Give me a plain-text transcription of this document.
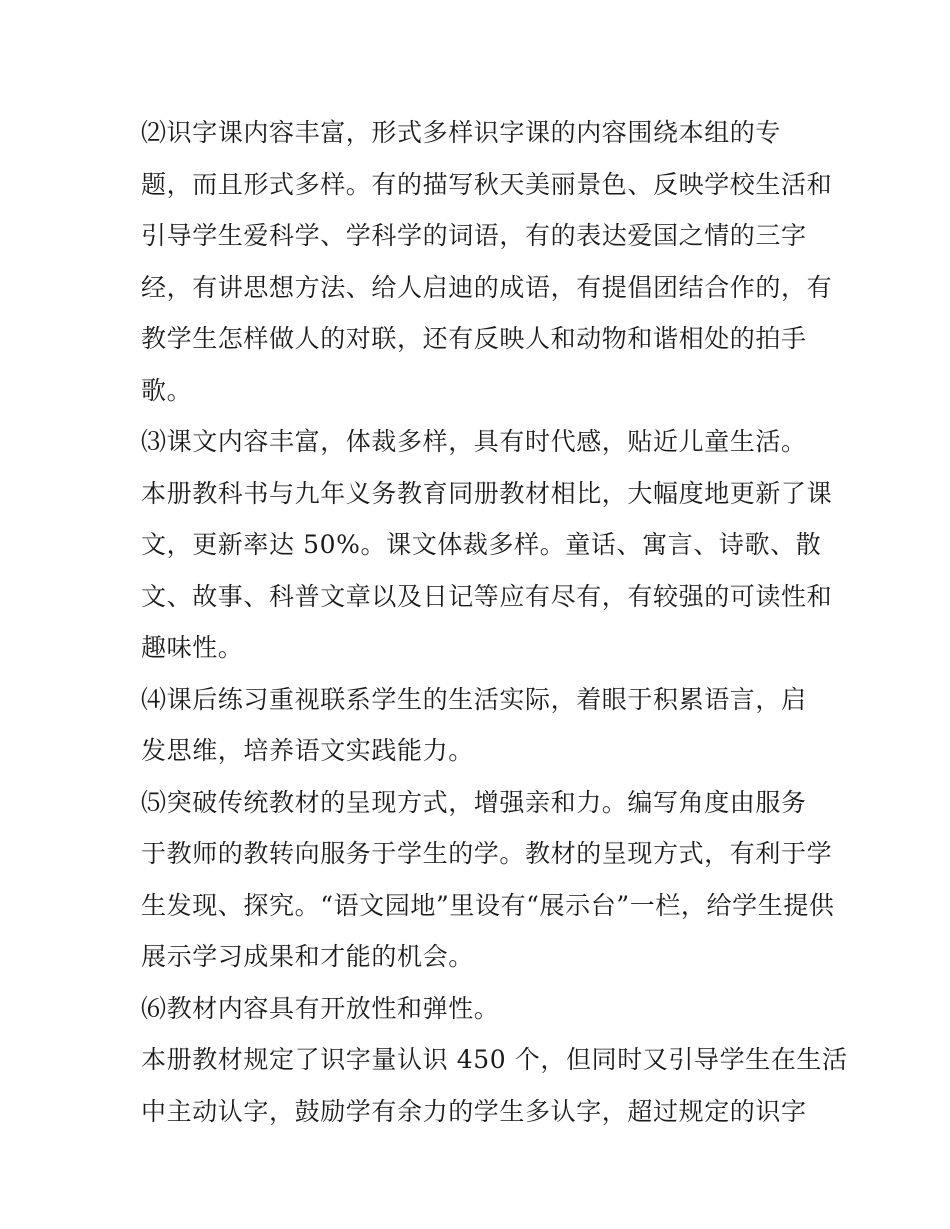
⑵识字课内容丰富，形式多样识字课的内容围绕本组的专
题，而且形式多样。有的描写秋天美丽景色、反映学校生活和
引导学生爱科学、学科学的词语，有的表达爱国之情的三字
经，有讲思想方法、给人启迪的成语，有提倡团结合作的，有
教学生怎样做人的对联，还有反映人和动物和谐相处的拍手
歌。
⑶课文内容丰富，体裁多样，具有时代感，贴近儿童生活。
本册教科书与九年义务教育同册教材相比，大幅度地更新了课
文，更新率达 50%。课文体裁多样。童话、寓言、诗歌、散
文、故事、科普文章以及日记等应有尽有，有较强的可读性和
趣味性。
⑷课后练习重视联系学生的生活实际，着眼于积累语言，启
发思维，培养语文实践能力。
⑸突破传统教材的呈现方式，增强亲和力。编写角度由服务
于教师的教转向服务于学生的学。教材的呈现方式，有利于学
生发现、探究。“语文园地”里设有“展示台”一栏，给学生提供
展示学习成果和才能的机会。
⑹教材内容具有开放性和弹性。
本册教材规定了识字量认识 450 个，但同时又引导学生在生活
中主动认字，鼓励学有余力的学生多认字，超过规定的识字
